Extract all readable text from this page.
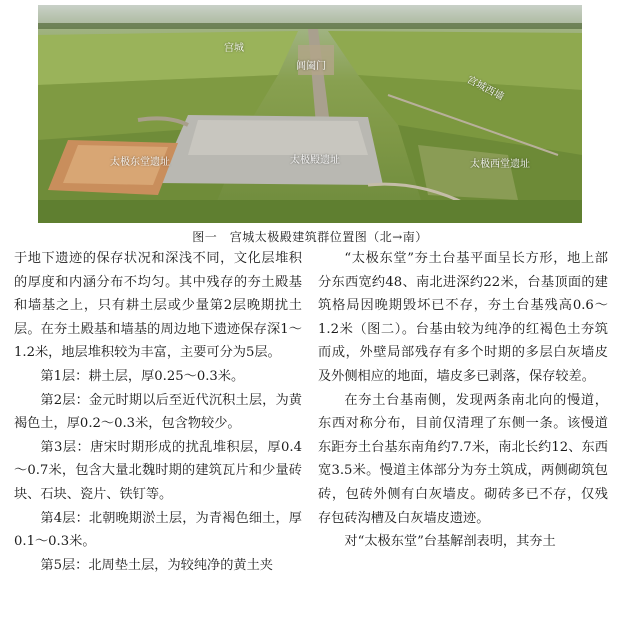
宫城
阊阖门
宫城西墙
太极东堂遗址	太极殿遗址	太极西堂遗址
图一　宫城太极殿建筑群位置图（北→南）

于地下遗迹的保存状况和深浅不同，文化层堆积的厚度和内涵分布不均匀。其中残存的夯土殿基和墙基之上，只有耕土层或少量第2层晚期扰土层。在夯土殿基和墙基的周边地下遗迹保存深1～1.2米，地层堆积较为丰富，主要可分为5层。

第1层：耕土层，厚0.25～0.3米。

第2层：金元时期以后至近代沉积土层，为黄褐色土，厚0.2～0.3米，包含物较少。

第3层：唐宋时期形成的扰乱堆积层，厚0.4～0.7米，包含大量北魏时期的建筑瓦片和少量砖块、石块、瓷片、铁钉等。

第4层：北朝晚期淤土层，为青褐色细土，厚0.1～0.3米。

第5层：北周垫土层，为较纯净的黄土夹

“太极东堂”夯土台基平面呈长方形，地上部分东西宽约48、南北进深约22米，台基顶面的建筑格局因晚期毁坏已不存，夯土台基残高0.6～1.2米（图二）。台基由较为纯净的红褐色土夯筑而成，外壁局部残存有多个时期的多层白灰墙皮及外侧相应的地面，墙皮多已剥落，保存较差。

在夯土台基南侧，发现两条南北向的慢道，东西对称分布，目前仅清理了东侧一条。该慢道东距夯土台基东南角约7.7米，南北长约12、东西宽3.5米。慢道主体部分为夯土筑成，两侧砌筑包砖，包砖外侧有白灰墙皮。砌砖多已不存，仅残存包砖沟槽及白灰墙皮遗迹。

对“太极东堂”台基解剖表明，其夯土
